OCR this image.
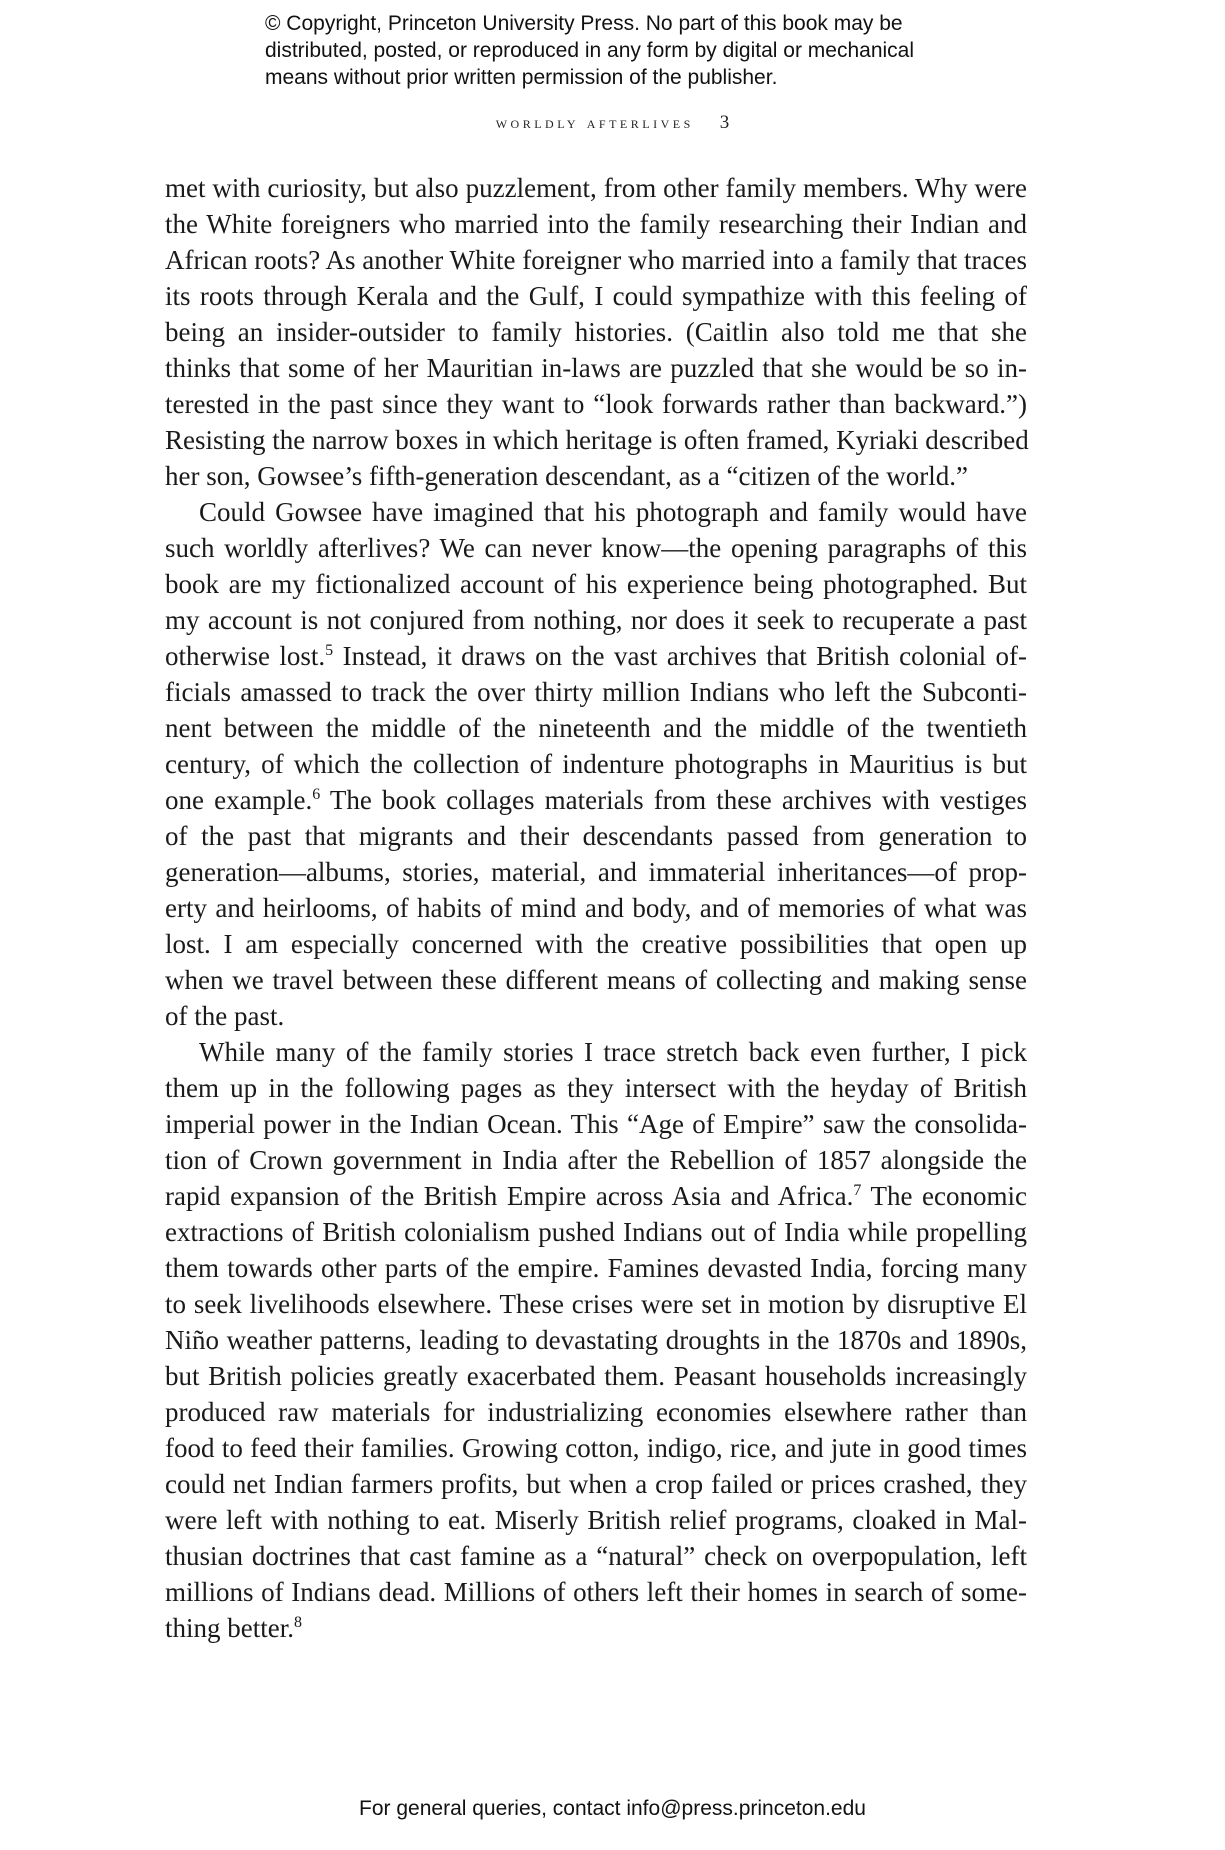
© Copyright, Princeton University Press. No part of this book may be
distributed, posted, or reproduced in any form by digital or mechanical
means without prior written permission of the publisher.
worldly afterlives 3

met with curiosity, but also puzzlement, from other family members. Why were
the White foreigners who married into the family researching their Indian and
African roots? As another White foreigner who married into a family that traces
its roots through Kerala and the Gulf, I could sympathize with this feeling of
being an insider-outsider to family histories. (Caitlin also told me that she
thinks that some of her Mauritian in-laws are puzzled that she would be so in-
terested in the past since they want to “look forwards rather than backward.”)
Resisting the narrow boxes in which heritage is often framed, Kyriaki described
her son, Gowsee’s fifth-generation descendant, as a “citizen of the world.”

Could Gowsee have imagined that his photograph and family would have
such worldly afterlives? We can never know—the opening paragraphs of this
book are my fictionalized account of his experience being photographed. But
my account is not conjured from nothing, nor does it seek to recuperate a past
otherwise lost.$^5$ Instead, it draws on the vast archives that British colonial of-
ficials amassed to track the over thirty million Indians who left the Subconti-
nent between the middle of the nineteenth and the middle of the twentieth
century, of which the collection of indenture photographs in Mauritius is but
one example.$^6$ The book collages materials from these archives with vestiges
of the past that migrants and their descendants passed from generation to
generation—albums, stories, material, and immaterial inheritances—of prop-
erty and heirlooms, of habits of mind and body, and of memories of what was
lost. I am especially concerned with the creative possibilities that open up
when we travel between these different means of collecting and making sense
of the past.

While many of the family stories I trace stretch back even further, I pick
them up in the following pages as they intersect with the heyday of British
imperial power in the Indian Ocean. This “Age of Empire” saw the consolida-
tion of Crown government in India after the Rebellion of 1857 alongside the
rapid expansion of the British Empire across Asia and Africa.$^7$ The economic
extractions of British colonialism pushed Indians out of India while propelling
them towards other parts of the empire. Famines devasted India, forcing many
to seek livelihoods elsewhere. These crises were set in motion by disruptive El
Niño weather patterns, leading to devastating droughts in the 1870s and 1890s,
but British policies greatly exacerbated them. Peasant households increasingly
produced raw materials for industrializing economies elsewhere rather than
food to feed their families. Growing cotton, indigo, rice, and jute in good times
could net Indian farmers profits, but when a crop failed or prices crashed, they
were left with nothing to eat. Miserly British relief programs, cloaked in Mal-
thusian doctrines that cast famine as a “natural” check on overpopulation, left
millions of Indians dead. Millions of others left their homes in search of some-
thing better.$^8$

For general queries, contact info@press.princeton.edu
